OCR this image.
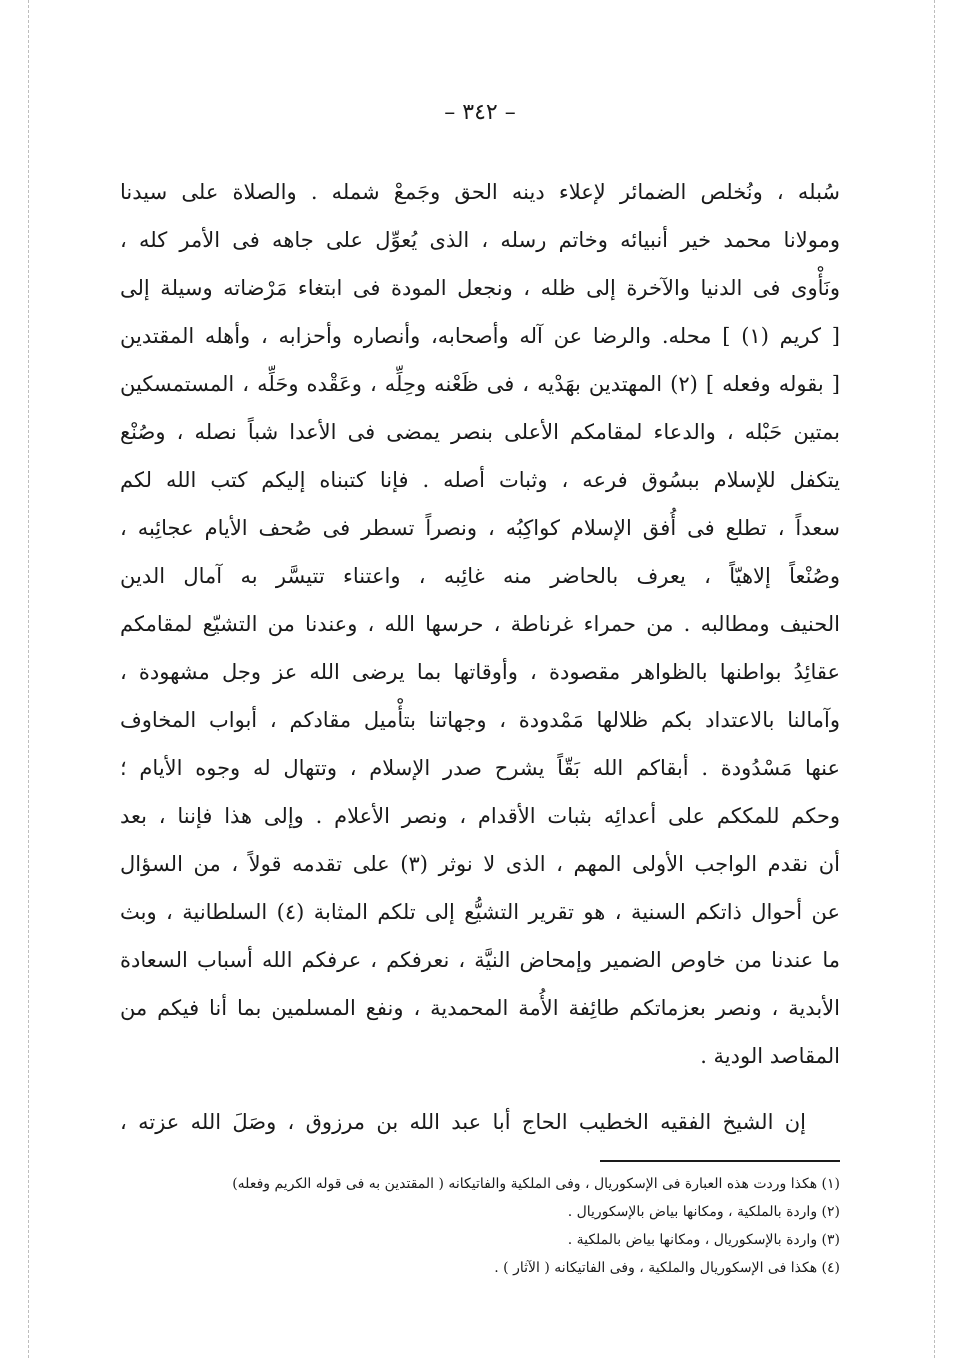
– ٣٤٢ –
سُبله ، ونُخلص الضمائر لإعلاء دينه الحق وجَمعْ شمله . والصلاة على سيدنا
ومولانا محمد خير أنبيائه وخاتم رسله ، الذى يُعوِّل على جاهه فى الأمر كله ،
ونَأْوى فى الدنيا والآخرة إلى ظله ، ونجعل المودة فى ابتغاء مَرْضاته وسيلة إلى
[ كريم (١) ] محله. والرضا عن آله وأصحابه، وأنصاره وأحزابه ، وأهله المقتدين
[ بقوله وفعله ] (٢) المهتدين بهَدْيه ، فى ظَعْنه وحِلِّه ، وعَقْده وحَلِّه ، المستمسكين
بمتين حَبْله ، والدعاء لمقامكم الأعلى بنصر يمضى فى الأعدا شباً نصله ، وصُنْع
يتكفل للإسلام ببسُوق فرعه ، وثبات أصله . فإنا كتبناه إليكم كتب الله لكم
سعداً ، تطلع فى أُفق الإسلام كواكِبُه ، ونصراً تسطر فى صُحف الأيام عجائِبه ،
وصُنْعاً إلاهيّاً ، يعرف بالحاضر منه غائِبه ، واعتناء تتيسَّر به آمال الدين
الحنيف ومطالبه . من حمراء غرناطة ، حرسها الله ، وعندنا من التشيّع لمقامكم
عقائِدُ بواطنها بالظواهر مقصودة ، وأوقاتها بما يرضى الله عز وجل مشهودة ،
وآمالنا بالاعتداد بكم ظلالها مَمْدودة ، وجهاتنا بتأْميل مقادكم ، أبواب المخاوف
عنها مَسْدُودة . أبقاكم الله بَقّاً يشرح صدر الإسلام ، وتتهال له وجوه الأيام ؛
وحكم للمككم على أعدائِه بثبات الأقدام ، ونصر الأعلام . وإلى هذا فإننا ، بعد
أن نقدم الواجب الأولى المهم ، الذى لا نوثر (٣) على تقدمه قولاً ، من السؤال
عن أحوال ذاتكم السنية ، هو تقرير التشيُّع إلى تلكم المثابة (٤) السلطانية ، وبث
ما عندنا من خاوص الضمير وإمحاض النيَّة ، نعرفكم ، عرفكم الله أسباب السعادة
الأبدية ، ونصر بعزماتكم طائِفة الأُمة المحمدية ، ونفع المسلمين بما أنا فيكم من
المقاصد الودية .
إن الشيخ الفقيه الخطيب الحاج أبا عبد الله بن مرزوق ، وصَلَ الله عزته ،
(١) هكذا وردت هذه العبارة فى الإسكوريال ، وفى الملكية والفاتيكانه ( المقتدين به فى قوله الكريم وفعله)
(٢) واردة بالملكية ، ومكانها بياض بالإسكوريال .
(٣) واردة بالإسكوريال ، ومكانها بياض بالملكية .
(٤) هكذا فى الإسكوريال والملكية ، وفى الفاتيكانه ( الآثار ) .
